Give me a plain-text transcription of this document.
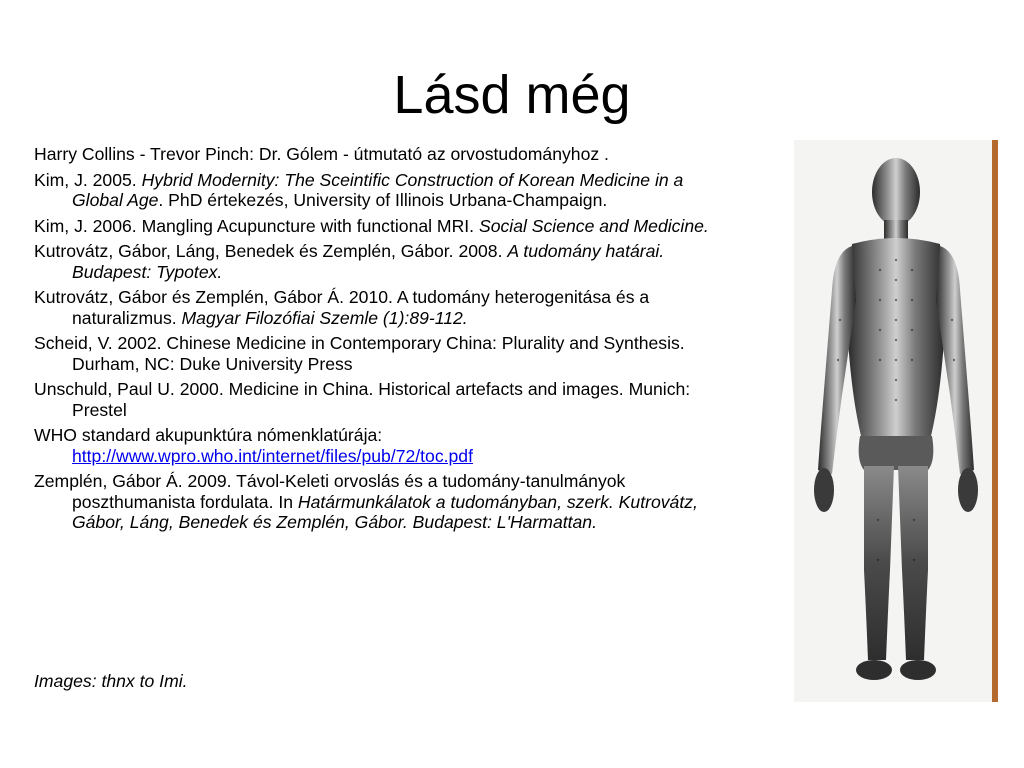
Lásd még

Harry Collins - Trevor Pinch: Dr. Gólem - útmutató az orvostudományhoz .

Kim, J. 2005. Hybrid Modernity: The Sceintific Construction of Korean Medicine in a Global Age. PhD értekezés, University of Illinois Urbana-Champaign.

Kim, J. 2006. Mangling Acupuncture with functional MRI. Social Science and Medicine.

Kutrovátz, Gábor, Láng, Benedek és Zemplén, Gábor. 2008. A tudomány határai. Budapest: Typotex.

Kutrovátz, Gábor és Zemplén, Gábor Á. 2010. A tudomány heterogenitása és a naturalizmus. Magyar Filozófiai Szemle (1):89-112.

Scheid, V. 2002. Chinese Medicine in Contemporary China: Plurality and Synthesis. Durham, NC: Duke University Press

Unschuld, Paul U. 2000. Medicine in China. Historical artefacts and images. Munich: Prestel

WHO standard akupunktúra nómenklatúrája: http://www.wpro.who.int/internet/files/pub/72/toc.pdf

Zemplén, Gábor Á. 2009. Távol-Keleti orvoslás és a tudomány-tanulmányok poszthumanista fordulata. In Határmunkálatok a tudományban, szerk. Kutrovátz, Gábor, Láng, Benedek és Zemplén, Gábor. Budapest: L'Harmattan.

Images: thnx to Imi.
